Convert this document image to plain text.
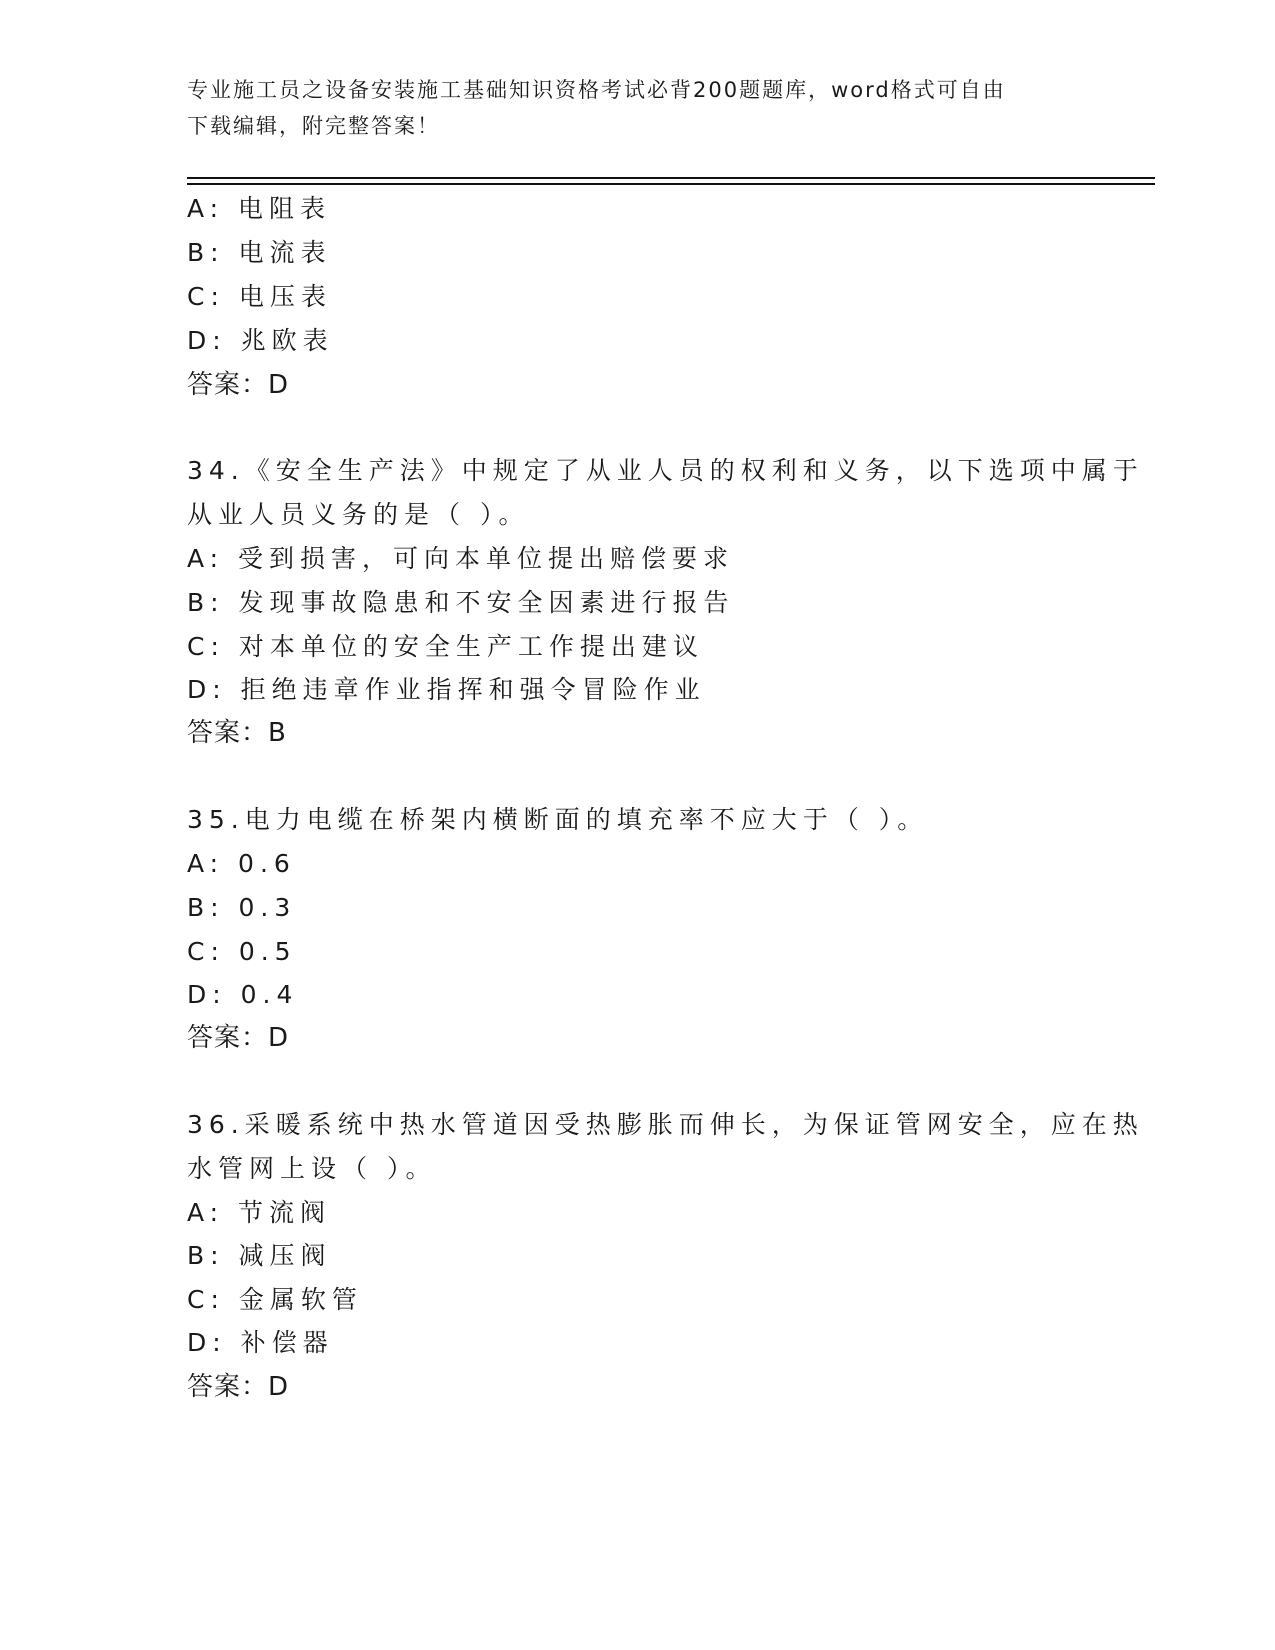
专业施工员之设备安装施工基础知识资格考试必背200题题库，word格式可自由
下载编辑，附完整答案！
A: 电阻表
B: 电流表
C: 电压表
D: 兆欧表
答案：D
34.《安全生产法》中规定了从业人员的权利和义务，以下选项中属于
从业人员义务的是（ ）。
A: 受到损害，可向本单位提出赔偿要求
B: 发现事故隐患和不安全因素进行报告
C: 对本单位的安全生产工作提出建议
D: 拒绝违章作业指挥和强令冒险作业
答案：B
35.电力电缆在桥架内横断面的填充率不应大于（ ）。
A: 0.6
B: 0.3
C: 0.5
D: 0.4
答案：D
36.采暖系统中热水管道因受热膨胀而伸长，为保证管网安全，应在热
水管网上设（ ）。
A: 节流阀
B: 减压阀
C: 金属软管
D: 补偿器
答案：D
